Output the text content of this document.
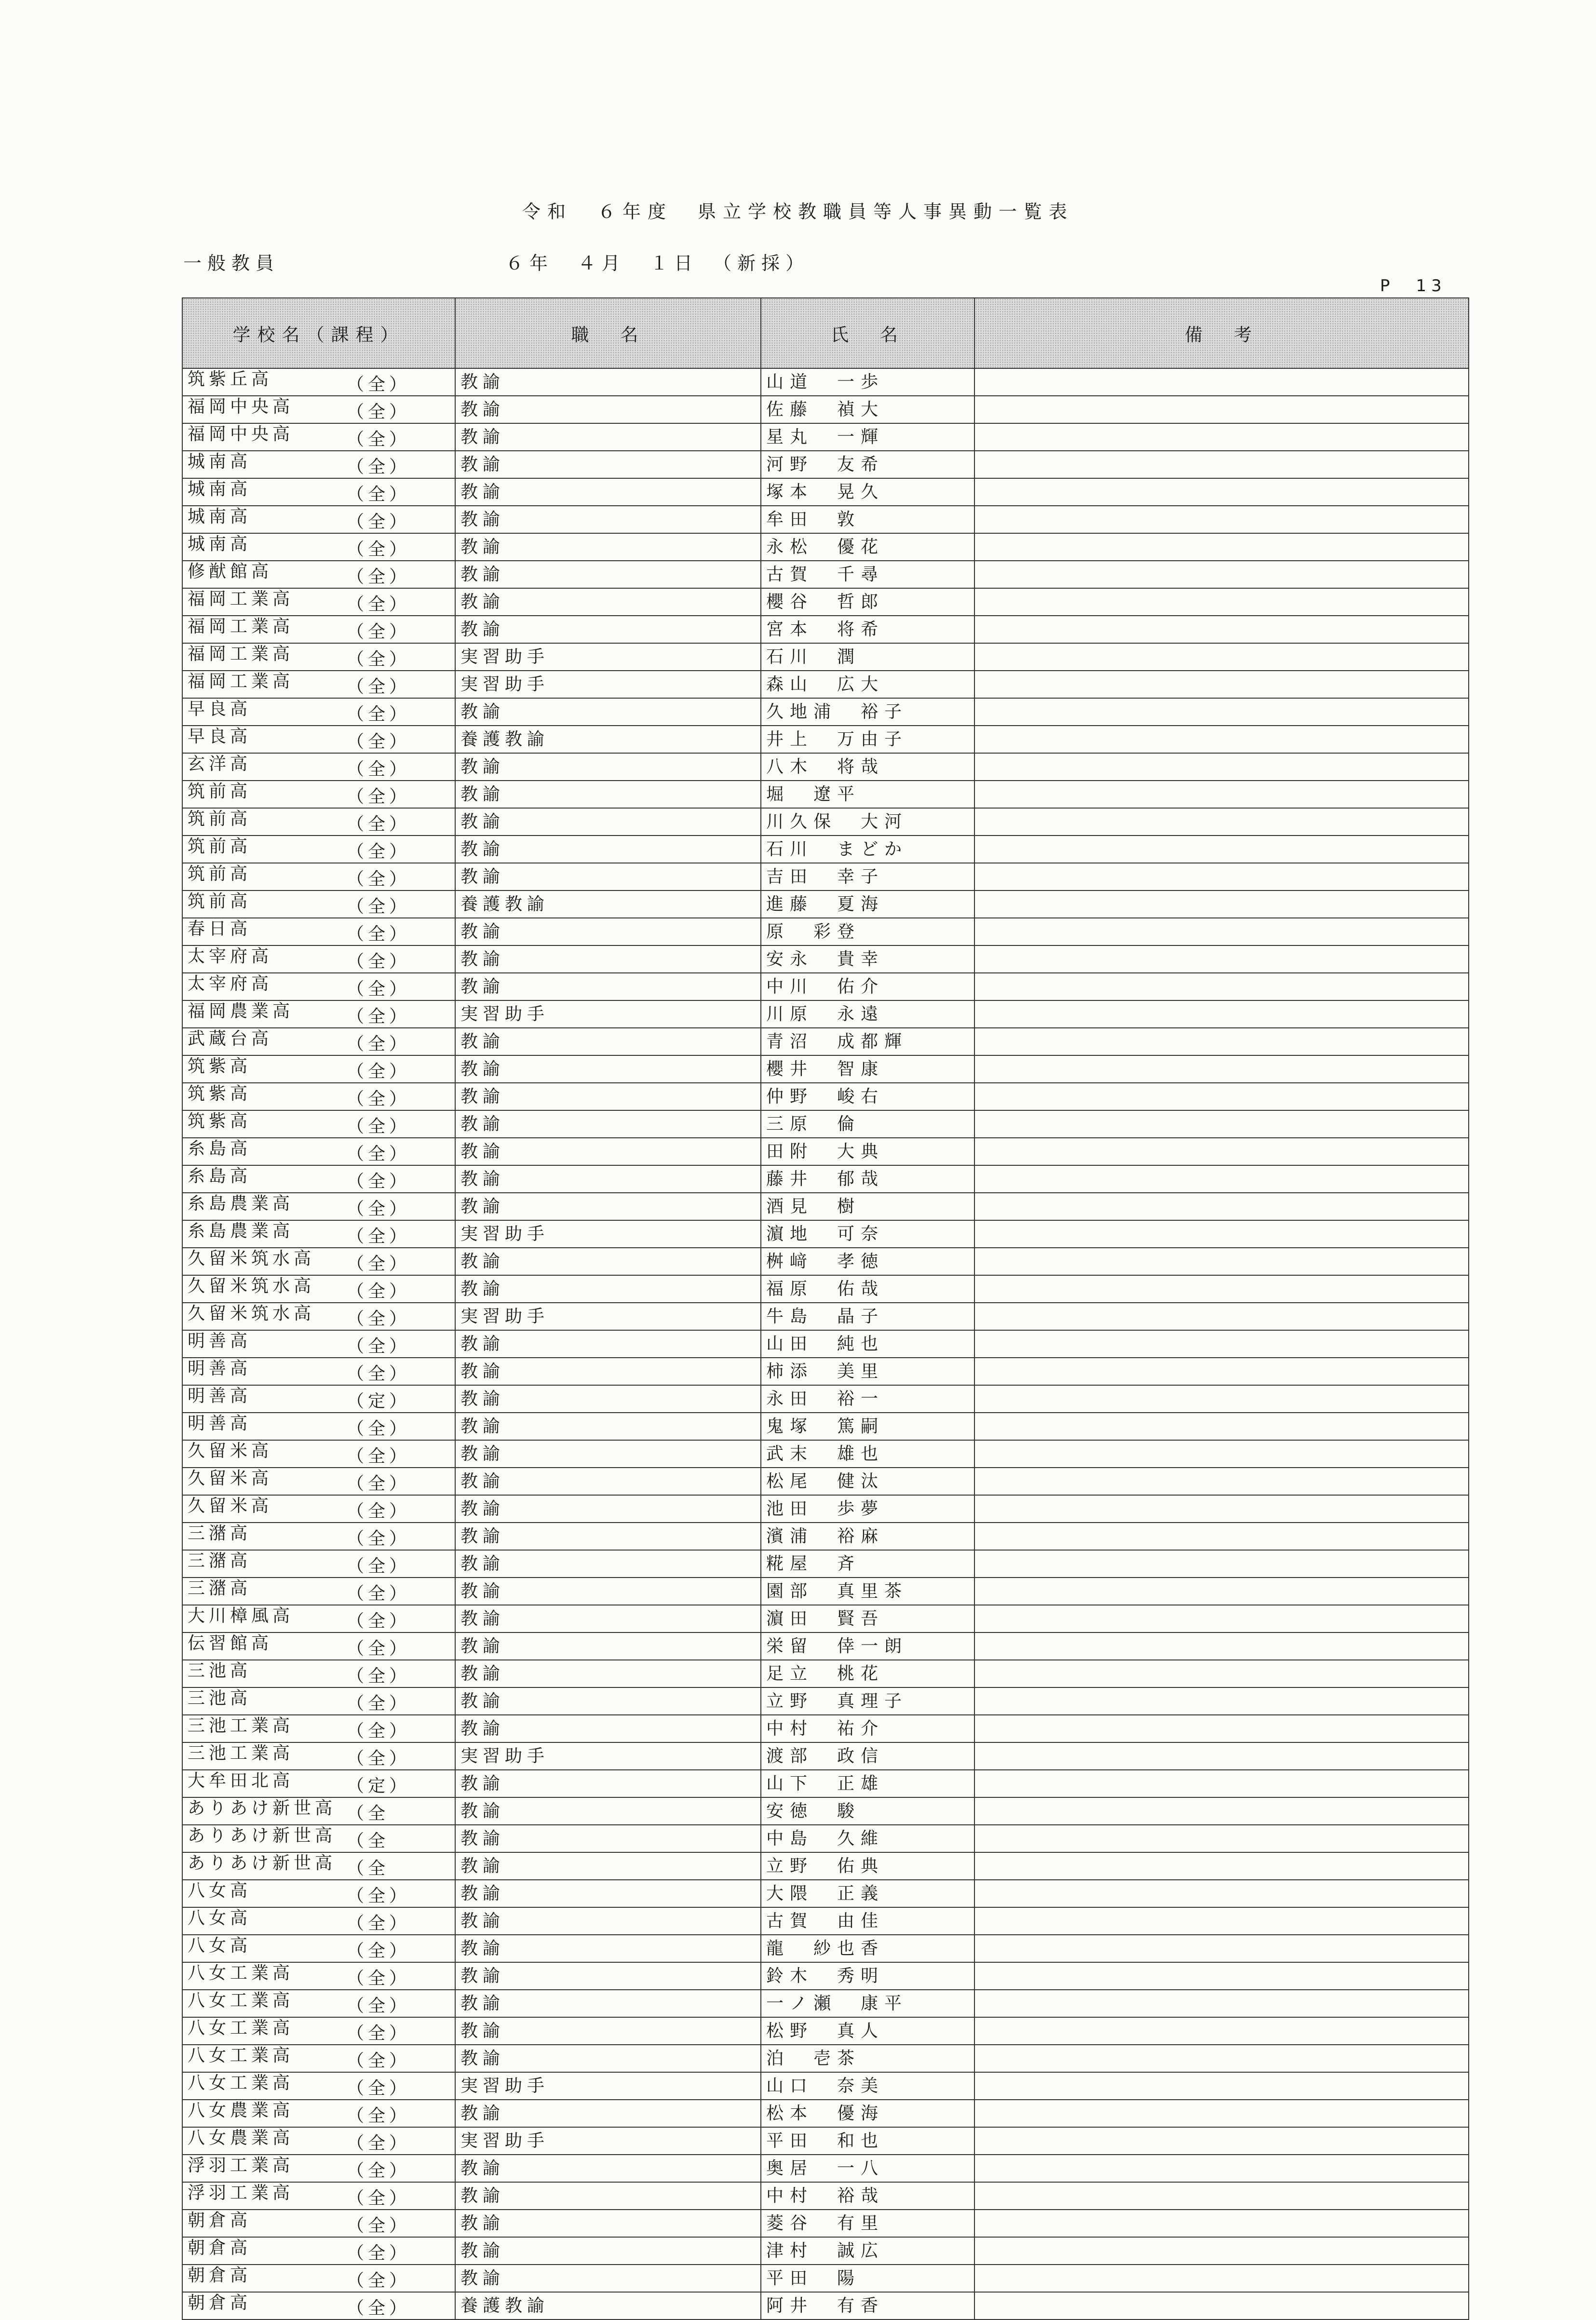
令和　６年度　県立学校教職員等人事異動一覧表
一般教員	６年　４月　１日　（新採）
P　13
学校名（課程）	職　名	氏　名	備　考
筑紫丘高 （全）	教諭	山道　一歩	
福岡中央高 （全）	教諭	佐藤　禎大	
福岡中央高 （全）	教諭	星丸　一輝	
城南高 （全）	教諭	河野　友希	
城南高 （全）	教諭	塚本　晃久	
城南高 （全）	教諭	牟田　敦	
城南高 （全）	教諭	永松　優花	
修猷館高 （全）	教諭	古賀　千尋	
福岡工業高 （全）	教諭	櫻谷　哲郎	
福岡工業高 （全）	教諭	宮本　将希	
福岡工業高 （全）	実習助手	石川　潤	
福岡工業高 （全）	実習助手	森山　広大	
早良高 （全）	教諭	久地浦　裕子	
早良高 （全）	養護教諭	井上　万由子	
玄洋高 （全）	教諭	八木　将哉	
筑前高 （全）	教諭	堀　遼平	
筑前高 （全）	教諭	川久保　大河	
筑前高 （全）	教諭	石川　まどか	
筑前高 （全）	教諭	吉田　幸子	
筑前高 （全）	養護教諭	進藤　夏海	
春日高 （全）	教諭	原　彩登	
太宰府高 （全）	教諭	安永　貴幸	
太宰府高 （全）	教諭	中川　佑介	
福岡農業高 （全）	実習助手	川原　永遠	
武蔵台高 （全）	教諭	青沼　成都輝	
筑紫高 （全）	教諭	櫻井　智康	
筑紫高 （全）	教諭	仲野　峻右	
筑紫高 （全）	教諭	三原　倫	
糸島高 （全）	教諭	田附　大典	
糸島高 （全）	教諭	藤井　郁哉	
糸島農業高 （全）	教諭	酒見　樹	
糸島農業高 （全）	実習助手	濵地　可奈	
久留米筑水高 （全）	教諭	桝﨑　孝徳	
久留米筑水高 （全）	教諭	福原　佑哉	
久留米筑水高 （全）	実習助手	牛島　晶子	
明善高 （全）	教諭	山田　純也	
明善高 （全）	教諭	柿添　美里	
明善高 （定）	教諭	永田　裕一	
明善高 （全）	教諭	鬼塚　篤嗣	
久留米高 （全）	教諭	武末　雄也	
久留米高 （全）	教諭	松尾　健汰	
久留米高 （全）	教諭	池田　歩夢	
三潴高 （全）	教諭	濱浦　裕麻	
三潴高 （全）	教諭	糀屋　斉	
三潴高 （全）	教諭	園部　真里茶	
大川樟風高 （全）	教諭	濵田　賢吾	
伝習館高 （全）	教諭	栄留　倖一朗	
三池高 （全）	教諭	足立　桃花	
三池高 （全）	教諭	立野　真理子	
三池工業高 （全）	教諭	中村　祐介	
三池工業高 （全）	実習助手	渡部　政信	
大牟田北高 （定）	教諭	山下　正雄	
ありあけ新世高 （全	教諭	安徳　駿	
ありあけ新世高 （全	教諭	中島　久維	
ありあけ新世高 （全	教諭	立野　佑典	
八女高 （全）	教諭	大隈　正義	
八女高 （全）	教諭	古賀　由佳	
八女高 （全）	教諭	龍　紗也香	
八女工業高 （全）	教諭	鈴木　秀明	
八女工業高 （全）	教諭	一ノ瀬　康平	
八女工業高 （全）	教諭	松野　真人	
八女工業高 （全）	教諭	泊　壱茶	
八女工業高 （全）	実習助手	山口　奈美	
八女農業高 （全）	教諭	松本　優海	
八女農業高 （全）	実習助手	平田　和也	
浮羽工業高 （全）	教諭	奥居　一八	
浮羽工業高 （全）	教諭	中村　裕哉	
朝倉高 （全）	教諭	菱谷　有里	
朝倉高 （全）	教諭	津村　誠広	
朝倉高 （全）	教諭	平田　陽	
朝倉高 （全）	養護教諭	阿井　有香	
